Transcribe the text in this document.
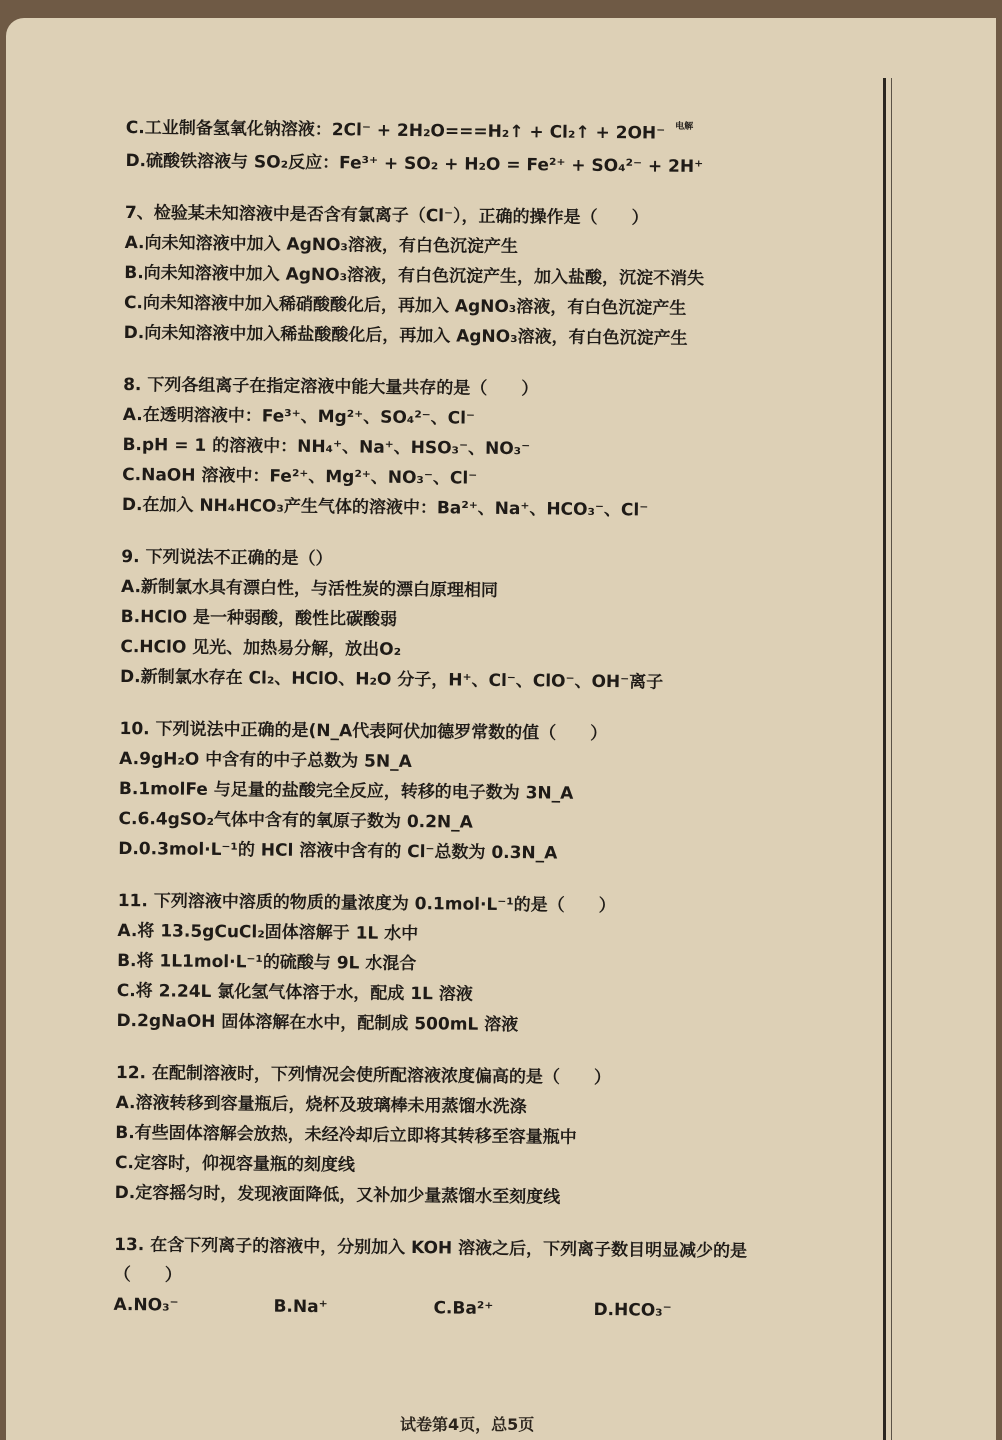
C.工业制备氢氧化钠溶液：2Cl⁻ + 2H₂O===H₂↑ + Cl₂↑ + 2OH⁻ $^{电解}$
D.硫酸铁溶液与 SO₂反应：Fe³⁺ + SO₂ + H₂O = Fe²⁺ + SO₄²⁻ + 2H⁺
7、检验某未知溶液中是否含有氯离子（Cl⁻），正确的操作是（　　）
A.向未知溶液中加入 AgNO₃溶液，有白色沉淀产生
B.向未知溶液中加入 AgNO₃溶液，有白色沉淀产生，加入盐酸，沉淀不消失
C.向未知溶液中加入稀硝酸酸化后，再加入 AgNO₃溶液，有白色沉淀产生
D.向未知溶液中加入稀盐酸酸化后，再加入 AgNO₃溶液，有白色沉淀产生
8. 下列各组离子在指定溶液中能大量共存的是（　　）
A.在透明溶液中：Fe³⁺、Mg²⁺、SO₄²⁻、Cl⁻
B.pH = 1 的溶液中：NH₄⁺、Na⁺、HSO₃⁻、NO₃⁻
C.NaOH 溶液中：Fe²⁺、Mg²⁺、NO₃⁻、Cl⁻
D.在加入 NH₄HCO₃产生气体的溶液中：Ba²⁺、Na⁺、HCO₃⁻、Cl⁻
9. 下列说法不正确的是（）
A.新制氯水具有漂白性，与活性炭的漂白原理相同
B.HClO 是一种弱酸，酸性比碳酸弱
C.HClO 见光、加热易分解，放出O₂
D.新制氯水存在 Cl₂、HClO、H₂O 分子，H⁺、Cl⁻、ClO⁻、OH⁻离子
10. 下列说法中正确的是(N_A代表阿伏加德罗常数的值（　　）
A.9gH₂O 中含有的中子总数为 5N_A
B.1molFe 与足量的盐酸完全反应，转移的电子数为 3N_A
C.6.4gSO₂气体中含有的氧原子数为 0.2N_A
D.0.3mol·L⁻¹的 HCl 溶液中含有的 Cl⁻总数为 0.3N_A
11. 下列溶液中溶质的物质的量浓度为 0.1mol·L⁻¹的是（　　）
A.将 13.5gCuCl₂固体溶解于 1L 水中
B.将 1L1mol·L⁻¹的硫酸与 9L 水混合
C.将 2.24L 氯化氢气体溶于水，配成 1L 溶液
D.2gNaOH 固体溶解在水中，配制成 500mL 溶液
12. 在配制溶液时，下列情况会使所配溶液浓度偏高的是（　　）
A.溶液转移到容量瓶后，烧杯及玻璃棒未用蒸馏水洗涤
B.有些固体溶解会放热，未经冷却后立即将其转移至容量瓶中
C.定容时，仰视容量瓶的刻度线
D.定容摇匀时，发现液面降低，又补加少量蒸馏水至刻度线
13. 在含下列离子的溶液中，分别加入 KOH 溶液之后，下列离子数目明显减少的是
（　　）
A.NO₃⁻	B.Na⁺	C.Ba²⁺	D.HCO₃⁻
试卷第4页，总5页
